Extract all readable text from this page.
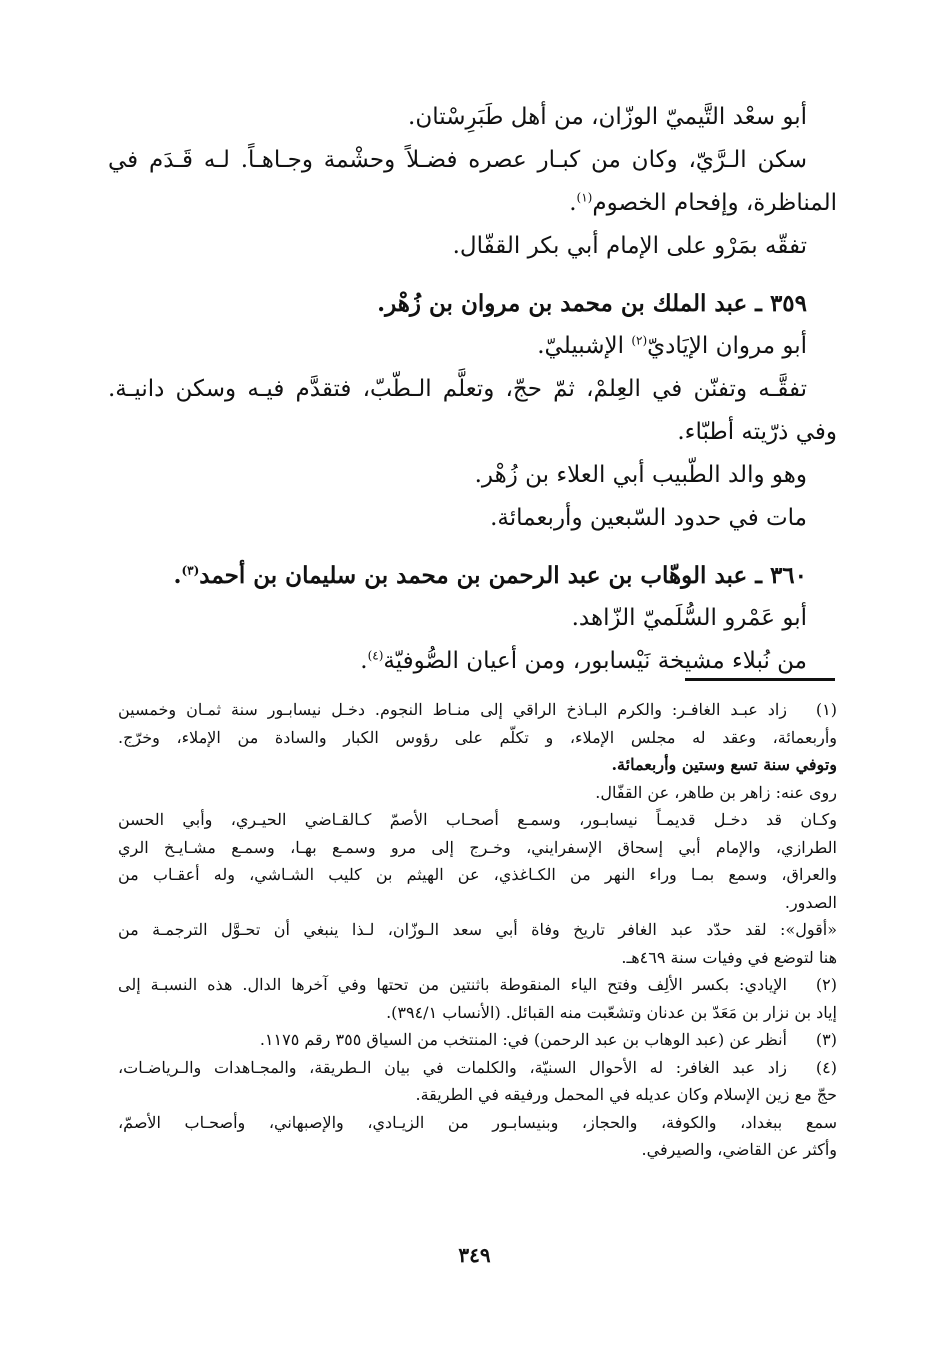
أبو سعْد التَّيميّ الوزّان، من أهل طَبَرِسْتان.
سكن الـرَّيّ، وكان من كبـار عصره فضـلاً وحشْمة وجـاهـاً. لـه قَـدَم في
المناظرة، وإفحام الخصوم$^{(١)}$.
تفقّه بمَرْو على الإمام أبي بكر القفّال.
٣٥٩ ـ عبد الملك بن محمد بن مروان بن زُهْر.
أبو مروان الإيَاديّ$^{(٢)}$ الإشبيليّ.
تفقَّـه وتفنّن في العِلمْ، ثمّ حجّ، وتعلَّم الـطّبّ، فتقدَّم فيـه وسكن دانيـة.
وفي ذرّيته أطبّاء.
وهو والد الطّبيب أبي العلاء بن زُهْر.
مات في حدود السّبعين وأربعمائة.
٣٦٠ ـ عبد الوهّاب بن عبد الرحمن بن محمد بن سليمان بن أحمد$^{(٣)}$.
أبو عَمْرو السُّلَميّ الزّاهد.
من نُبلاء مشيخة نَيْسابور، ومن أعيان الصُّوفيّة$^{(٤)}$.
(١)
زاد عبـد الغافـر: والكرم البـاذخ الراقي إلى منـاط النجوم. دخـل نيسابـور سنة ثمـان وخمسين
وأربعمائة، وعقد له مجلس الإملاء، و تكلّم على رؤوس الكبار والسادة من الإملاء، وخرّج.
وتوفي سنة تسع وستين وأربعمائة.
روى عنه: زاهر بن طاهر، عن القفّال.
وكـان قد دخـل قديمـاً نيسابـور، وسمـع أصحـاب الأصمّ كـالقـاضي الحيـري، وأبي الحسن
الطرازي، والإمام أبي إسحاق الإسفرايني، وخـرج إلى مرو وسمـع بهـا، وسمـع مشـايـخ الري
والعراق، وسمع بمـا وراء النهر من الكـاغذي، عن الهيثم بن كليب الشـاشي، وله أعقـاب من
الصدور.
«أقول»: لقد حدّد عبد الغافر تاريخ وفاة أبي سعد الـوزّان، لـذا ينبغي أن تحـوَّل الترجمـة من
هنا لتوضع في وفيات سنة ٤٦٩هـ.
(٢)
الإيادي: بكسر الألِف وفتح الياء المنقوطة باثنتين من تحتها وفي آخرها الدال. هذه النسبـة إلى
إياد بن نزار بن مَعَدّ بن عدنان وتشعّبت منه القبائل. (الأنساب ٣٩٤/١).
(٣)
أنظر عن (عبد الوهاب بن عبد الرحمن) في: المنتخب من السياق ٣٥٥ رقم ١١٧٥.
(٤)
زاد عبد الغافر: له الأحوال السنيّة، والكلمات في بيان الـطريقة، والمجـاهدات والـرياضـات،
حجّ مع زين الإسلام وكان عديله في المحمل ورفيقه في الطريقة.
سمع ببغداد، والكوفة، والحجاز، وبنيسابـور من الزيـادي، والإصبهاني، وأصحـاب الأصمّ،
وأكثر عن القاضي، والصيرفي.
٣٤٩
